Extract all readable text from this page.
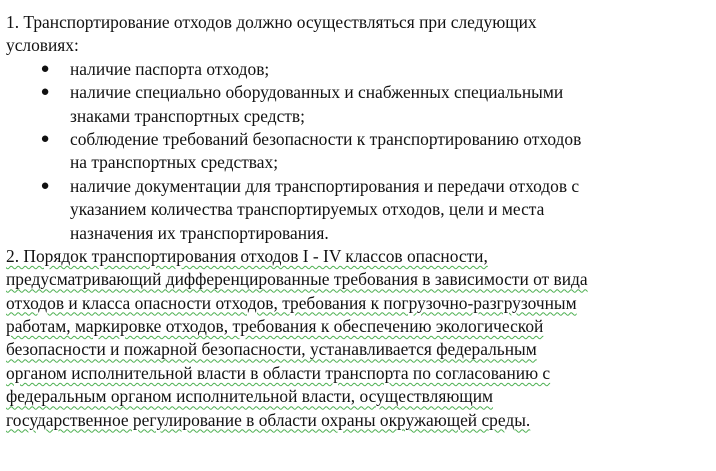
1. Транспортирование отходов должно осуществляться при следующих
условиях:
● наличие паспорта отходов;
● наличие специально оборудованных и снабженных специальными
знаками транспортных средств;
● соблюдение требований безопасности к транспортированию отходов
на транспортных средствах;
● наличие документации для транспортирования и передачи отходов с
указанием количества транспортируемых отходов, цели и места
назначения их транспортирования.
2. Порядок транспортирования отходов I - IV классов опасности,
предусматривающий дифференцированные требования в зависимости от вида
отходов и класса опасности отходов, требования к погрузочно-разгрузочным
работам, маркировке отходов, требования к обеспечению экологической
безопасности и пожарной безопасности, устанавливается федеральным
органом исполнительной власти в области транспорта по согласованию с
федеральным органом исполнительной власти, осуществляющим
государственное регулирование в области охраны окружающей среды.
